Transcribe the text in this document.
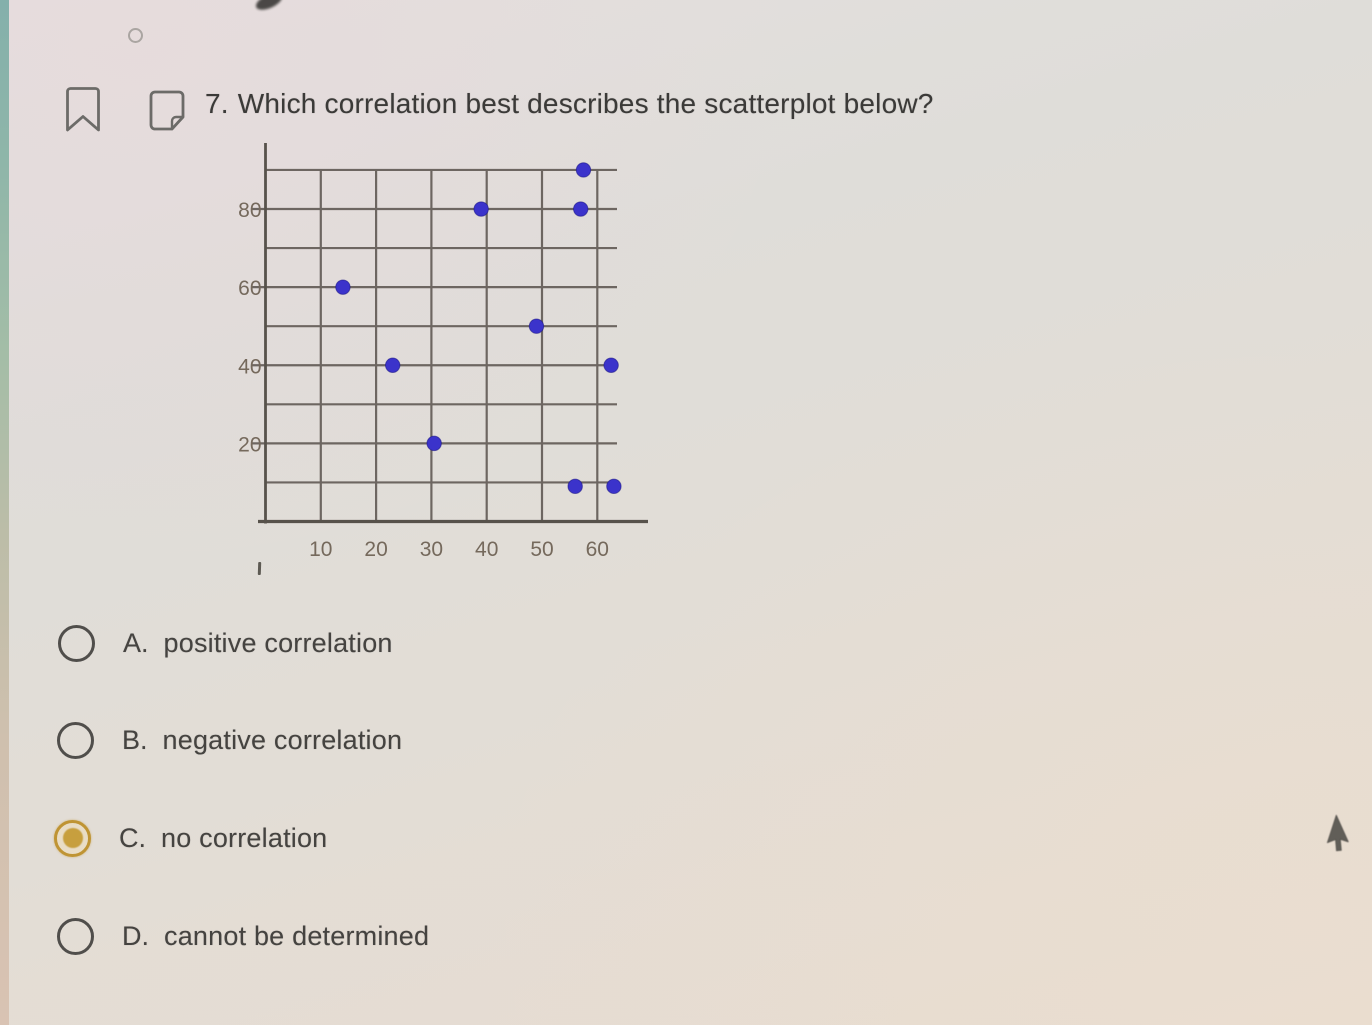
7. Which correlation best describes the scatterplot below?
20
40
60
80
10 20 30 40 50 60
A. positive correlation
B. negative correlation
C. no correlation
D. cannot be determined
